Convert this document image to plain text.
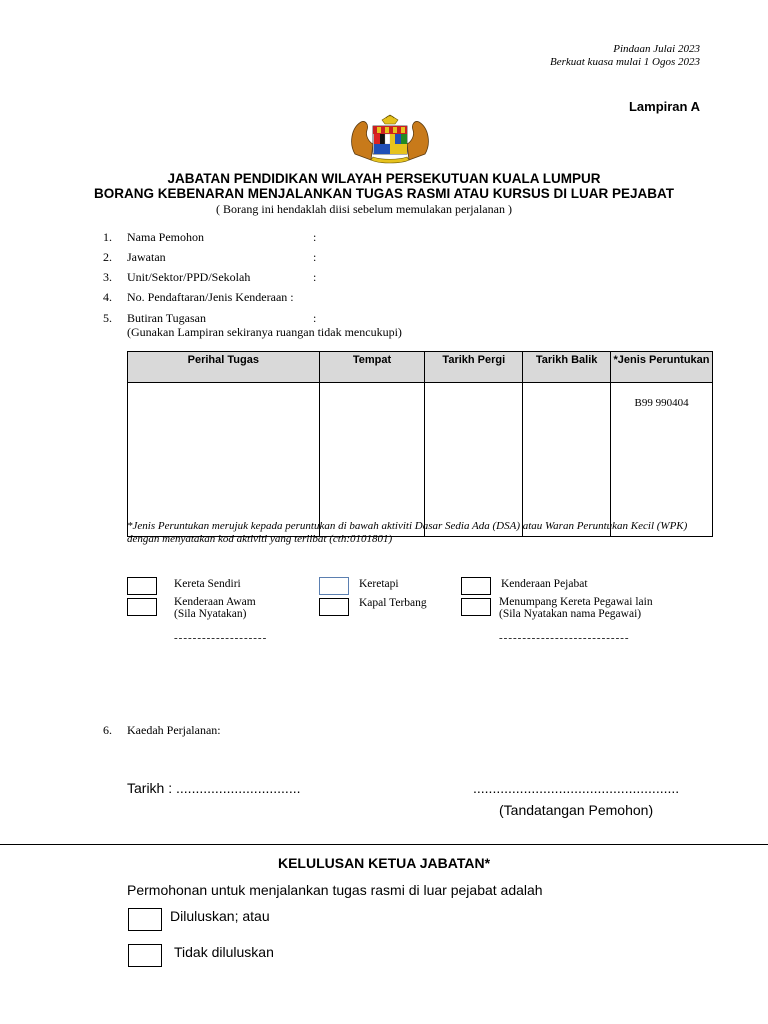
Pindaan Julai 2023
Berkuat kuasa mulai 1 Ogos 2023
Lampiran A
JABATAN PENDIDIKAN WILAYAH PERSEKUTUAN KUALA LUMPUR
BORANG KEBENARAN MENJALANKAN TUGAS RASMI ATAU KURSUS DI LUAR PEJABAT
( Borang ini hendaklah diisi sebelum memulakan perjalanan )
1. Nama Pemohon	:
2. Jawatan	:
3. Unit/Sektor/PPD/Sekolah	:
4. No. Pendaftaran/Jenis Kenderaan :
5. Butiran Tugasan	:
(Gunakan Lampiran sekiranya ruangan tidak mencukupi)
Perihal Tugas	Tempat	Tarikh Pergi	Tarikh Balik	*Jenis Peruntukan
				B99 990404
*Jenis Peruntukan merujuk kepada peruntukan di bawah aktiviti Dasar Sedia Ada (DSA) atau Waran Peruntukan Kecil (WPK) dengan menyatakan kod aktiviti yang terlibat (cth:0101801)
Kereta Sendiri
Kenderaan Awam
(Sila Nyatakan)
--------------------
Keretapi
Kapal Terbang
Kenderaan Pejabat
Menumpang Kereta Pegawai lain
(Sila Nyatakan nama Pegawai)
----------------------------
6. Kaedah Perjalanan:
Tarikh : ................................	.....................................................
(Tandatangan Pemohon)
KELULUSAN KETUA JABATAN*
Permohonan untuk menjalankan tugas rasmi di luar pejabat adalah
Diluluskan; atau
Tidak diluluskan
